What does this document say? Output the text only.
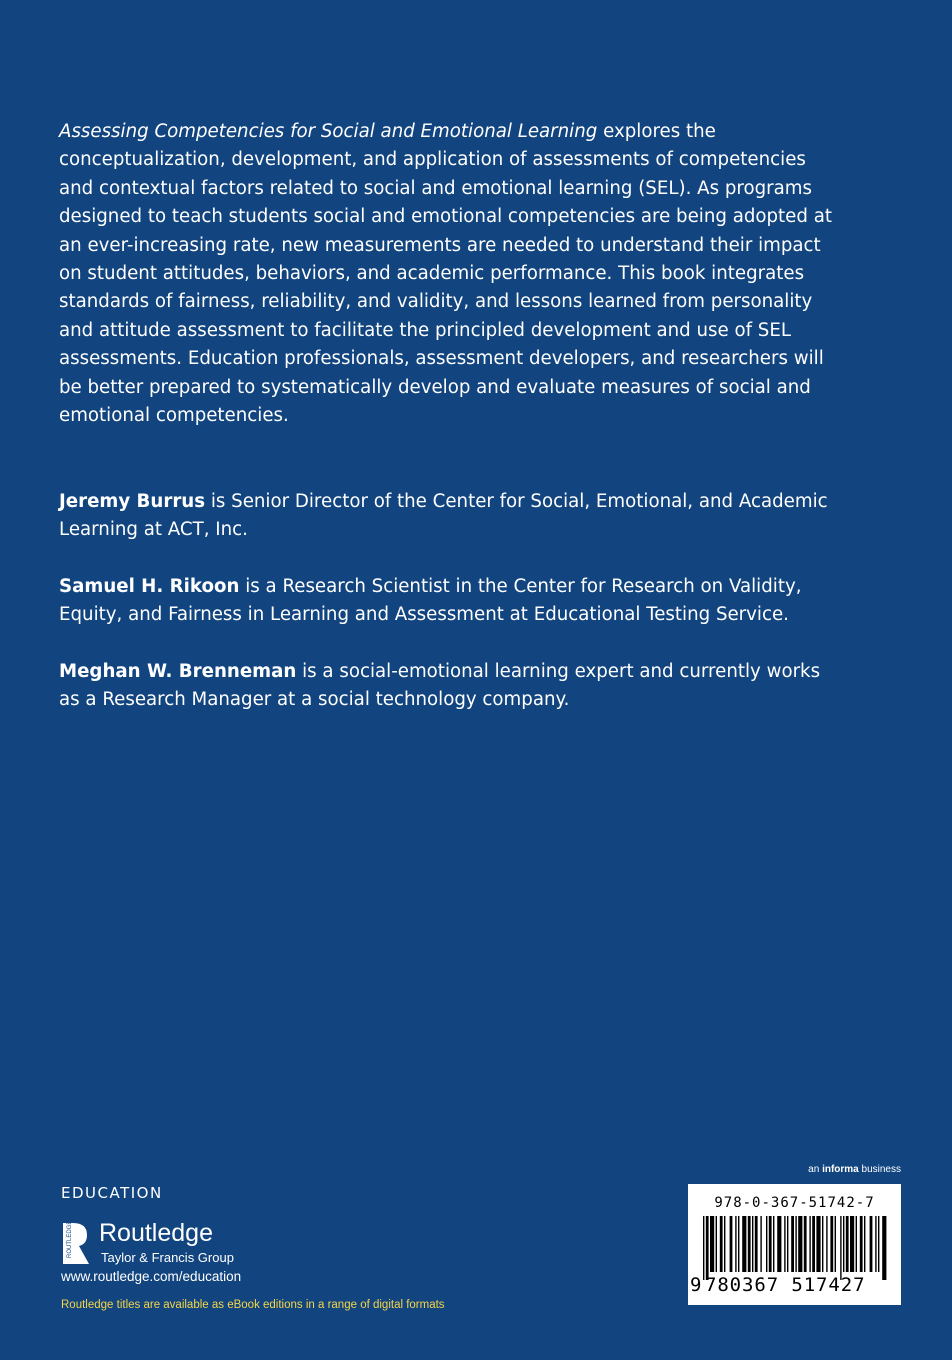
Assessing Competencies for Social and Emotional Learning explores the conceptualization, development, and application of assessments of competencies and contextual factors related to social and emotional learning (SEL). As programs designed to teach students social and emotional competencies are being adopted at an ever-increasing rate, new measurements are needed to understand their impact on student attitudes, behaviors, and academic performance. This book integrates standards of fairness, reliability, and validity, and lessons learned from personality and attitude assessment to facilitate the principled development and use of SEL assessments. Education professionals, assessment developers, and researchers will be better prepared to systematically develop and evaluate measures of social and emotional competencies.

Jeremy Burrus is Senior Director of the Center for Social, Emotional, and Academic Learning at ACT, Inc.

Samuel H. Rikoon is a Research Scientist in the Center for Research on Validity, Equity, and Fairness in Learning and Assessment at Educational Testing Service.

Meghan W. Brenneman is a social-emotional learning expert and currently works as a Research Manager at a social technology company.

EDUCATION
ROUTLEDGE Routledge
Taylor & Francis Group
www.routledge.com/education
Routledge titles are available as eBook editions in a range of digital formats
an informa business
978-0-367-51742-7
9 780367 517427
